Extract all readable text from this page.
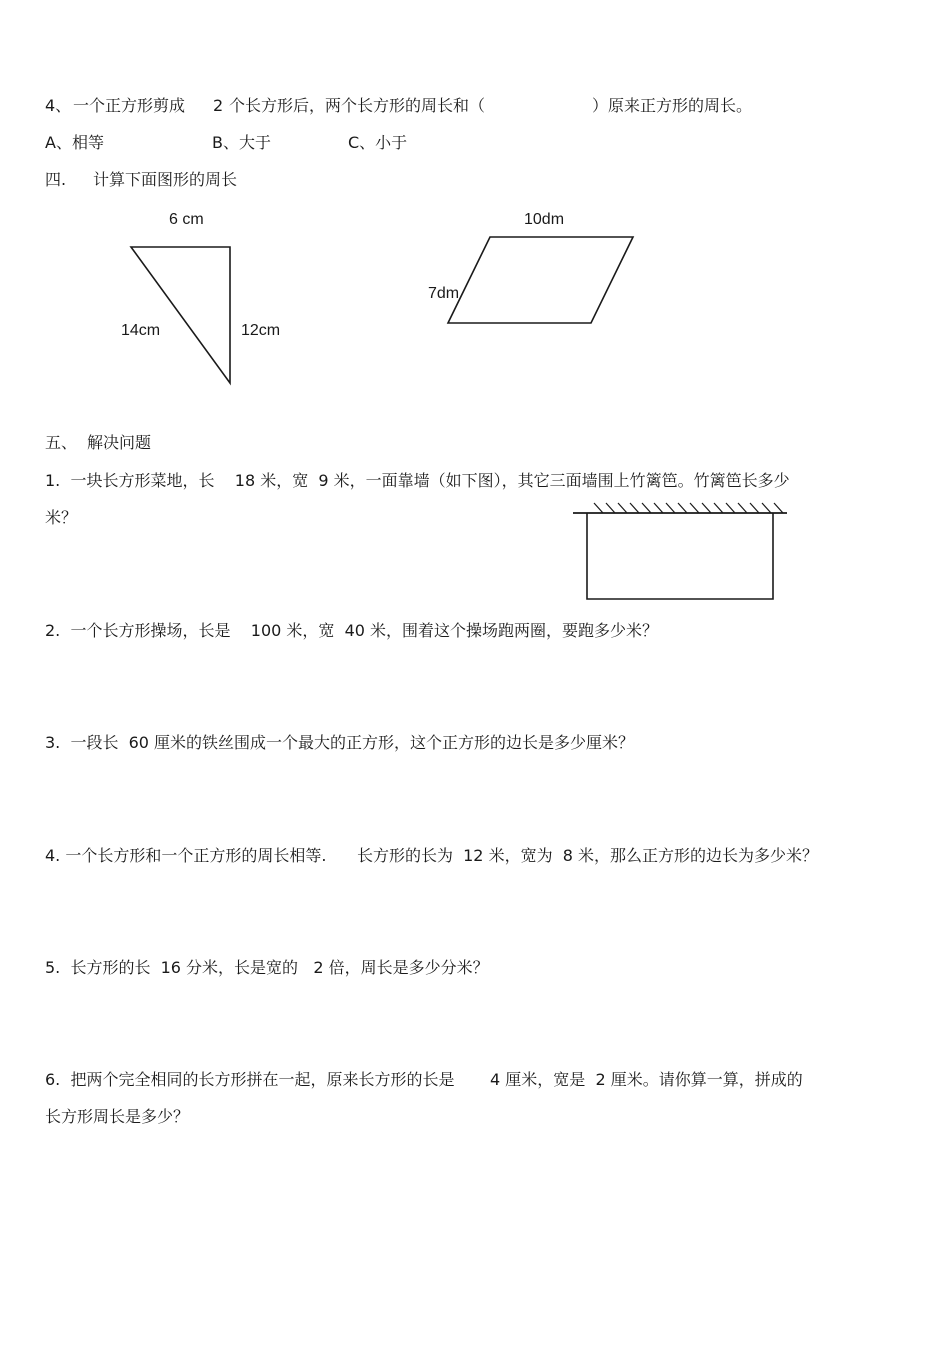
4、 一个正方形剪成 2 个长方形后，两个长方形的周长和（	）原来正方形的周长。
A、相等	B、大于	C、小于
四. 计算下面图形的周长
6 cm
14cm	12cm
10dm
7dm
五、 解决问题
1.  一块长方形菜地，长    18 米，宽  9 米，一面靠墙（如下图），其它三面墙围上竹篱笆。竹篱笆长多少
米？
2.  一个长方形操场，长是    100 米，宽  40 米，围着这个操场跑两圈，要跑多少米？
3.  一段长  60 厘米的铁丝围成一个最大的正方形，这个正方形的边长是多少厘米？
4. 一个长方形和一个正方形的周长相等.      长方形的长为  12 米，宽为  8 米，那么正方形的边长为多少米？
5.  长方形的长  16 分米，长是宽的   2 倍，周长是多少分米？
6.  把两个完全相同的长方形拼在一起，原来长方形的长是       4 厘米，宽是  2 厘米。请你算一算，拼成的
长方形周长是多少？
